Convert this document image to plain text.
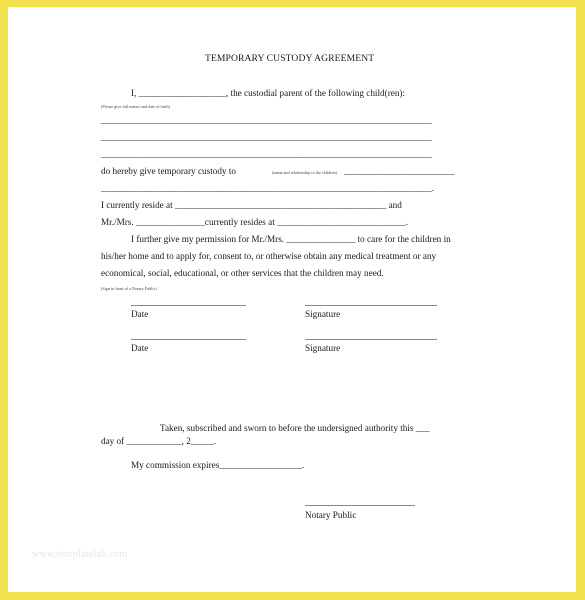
TEMPORARY CUSTODY AGREEMENT
I, ___________________, the custodial parent of the following child(ren):
(Please give full names and date of birth)
________________________________________________________________________
________________________________________________________________________
________________________________________________________________________
do hereby give temporary custody to	(name and relationship to the children) ________________________
________________________________________________________________________.
I currently reside at ______________________________________________ and
Mr./Mrs. _______________currently resides at ____________________________.
I further give my permission for Mr./Mrs. _______________ to care for the children in
his/her home and to apply for, consent to, or otherwise obtain any medical treatment or any
economical, social, educational, or other services that the children may need.
(Sign in front of a Notary Public)
Date	Signature
Date	Signature
Taken, subscribed and sworn to before the undersigned authority this ___
day of ____________, 2_____.
My commission expires__________________.
Notary Public
www.templatelab.com
